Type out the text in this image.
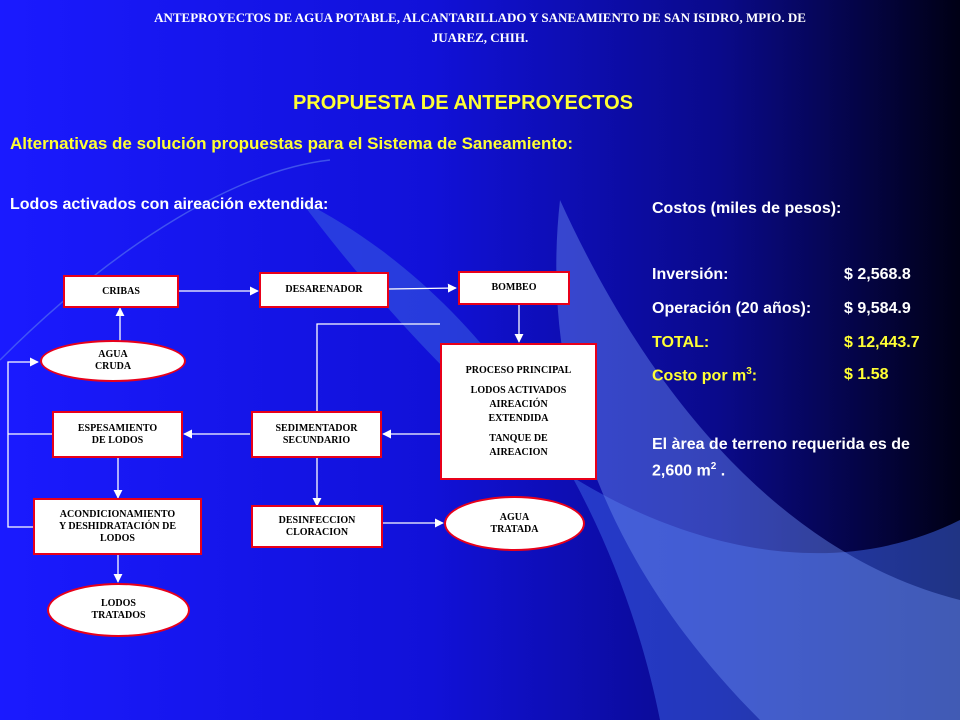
ANTEPROYECTOS DE AGUA POTABLE, ALCANTARILLADO Y SANEAMIENTO DE SAN ISIDRO, MPIO. DE
JUAREZ, CHIH.
PROPUESTA DE ANTEPROYECTOS
Alternativas de solución propuestas para el Sistema de Saneamiento:
Lodos activados con aireación extendida:	Costos (miles de pesos):
Inversión:	$ 2,568.8
Operación (20 años): $ 9,584.9
TOTAL:	$ 12,443.7
Costo por $m^3$:	$ 1.58
El àrea de terreno requerida es de 2,600 $m^2$ .
CRIBAS	DESARENADOR	BOMBEO
AGUA
CRUDA	PROCESO PRINCIPAL
LODOS ACTIVADOS
AIREACIÓN
EXTENDIDA
TANQUE DE
AIREACION
ESPESAMIENTO
DE LODOS
SEDIMENTADOR
SECUNDARIO
ACONDICIONAMIENTO
Y DESHIDRATACIÓN DE
LODOS
DESINFECCION
CLORACION
AGUA
TRATADA
LODOS
TRATADOS
